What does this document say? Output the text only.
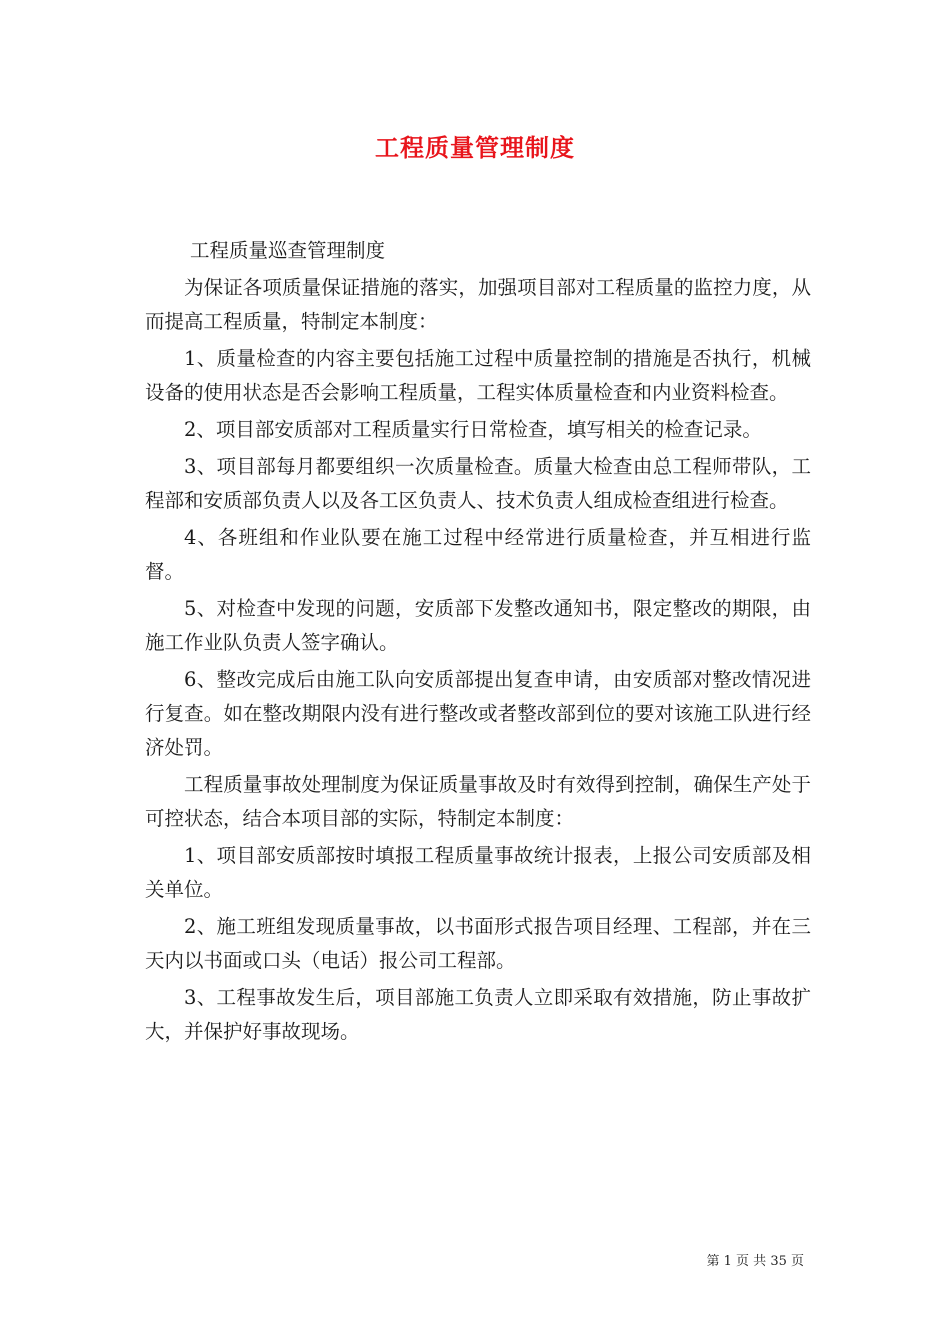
工程质量管理制度

工程质量巡查管理制度

为保证各项质量保证措施的落实，加强项目部对工程质量的监控力度，从而提高工程质量，特制定本制度：

1、质量检查的内容主要包括施工过程中质量控制的措施是否执行，机械设备的使用状态是否会影响工程质量，工程实体质量检查和内业资料检查。

2、项目部安质部对工程质量实行日常检查，填写相关的检查记录。

3、项目部每月都要组织一次质量检查。质量大检查由总工程师带队，工程部和安质部负责人以及各工区负责人、技术负责人组成检查组进行检查。

4、各班组和作业队要在施工过程中经常进行质量检查，并互相进行监督。

5、对检查中发现的问题，安质部下发整改通知书，限定整改的期限，由施工作业队负责人签字确认。

6、整改完成后由施工队向安质部提出复查申请，由安质部对整改情况进行复查。如在整改期限内没有进行整改或者整改部到位的要对该施工队进行经济处罚。

工程质量事故处理制度为保证质量事故及时有效得到控制，确保生产处于可控状态，结合本项目部的实际，特制定本制度：

1、项目部安质部按时填报工程质量事故统计报表，上报公司安质部及相关单位。

2、施工班组发现质量事故，以书面形式报告项目经理、工程部，并在三天内以书面或口头（电话）报公司工程部。

3、工程事故发生后，项目部施工负责人立即采取有效措施，防止事故扩大，并保护好事故现场。

第 1 页 共 35 页
